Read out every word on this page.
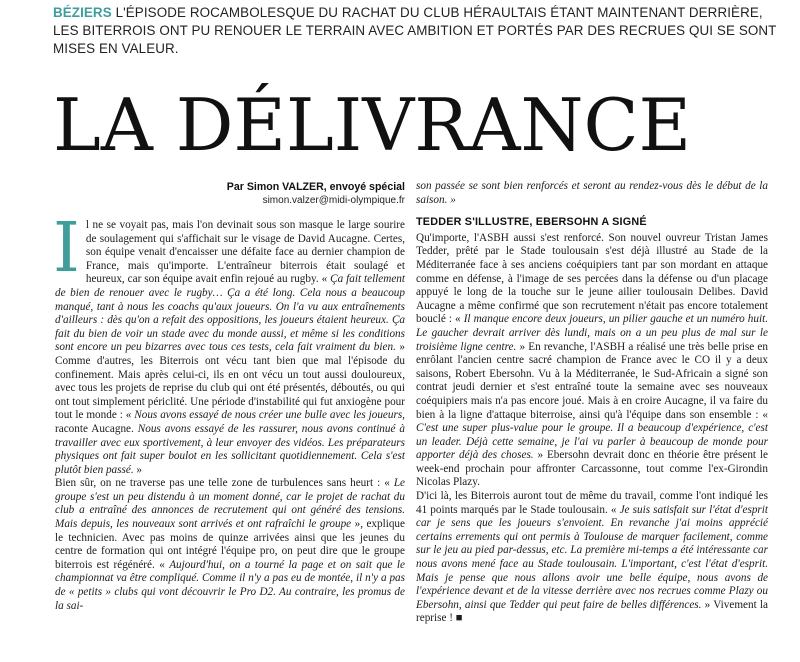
BÉZIERS L'ÉPISODE ROCAMBOLESQUE DU RACHAT DU CLUB HÉRAULTAIS ÉTANT MAINTENANT DERRIÈRE, LES BITERROIS ONT PU RENOUER LE TERRAIN AVEC AMBITION ET PORTÉS PAR DES RECRUES QUI SE SONT MISES EN VALEUR.

LA DÉLIVRANCE
Par Simon VALZER, envoyé spécial
simon.valzer@midi-olympique.fr

Il ne se voyait pas, mais l'on devinait sous son masque le large sourire de soulagement qui s'affichait sur le visage de David Aucagne. Certes, son équipe venait d'encaisser une défaite face au dernier champion de France, mais qu'importe. L'entraîneur biterrois était soulagé et heureux, car son équipe avait enfin rejoué au rugby. « Ça fait tellement de bien de renouer avec le rugby… Ça a été long. Cela nous a beaucoup manqué, tant à nous les coachs qu'aux joueurs. On l'a vu aux entraînements d'ailleurs : dès qu'on a refait des oppositions, les joueurs étaient heureux. Ça fait du bien de voir un stade avec du monde aussi, et même si les conditions sont encore un peu bizarres avec tous ces tests, cela fait vraiment du bien. » Comme d'autres, les Biterrois ont vécu tant bien que mal l'épisode du confinement. Mais après celui-ci, ils en ont vécu un tout aussi douloureux, avec tous les projets de reprise du club qui ont été présentés, déboutés, ou qui ont tout simplement périclité. Une période d'instabilité qui fut anxiogène pour tout le monde : « Nous avons essayé de nous créer une bulle avec les joueurs, raconte Aucagne. Nous avons essayé de les rassurer, nous avons continué à travailler avec eux sportivement, à leur envoyer des vidéos. Les préparateurs physiques ont fait super boulot en les sollicitant quotidiennement. Cela s'est plutôt bien passé. »

Bien sûr, on ne traverse pas une telle zone de turbulences sans heurt : « Le groupe s'est un peu distendu à un moment donné, car le projet de rachat du club a entraîné des annonces de recrutement qui ont généré des tensions. Mais depuis, les nouveaux sont arrivés et ont rafraîchi le groupe », explique le technicien. Avec pas moins de quinze arrivées ainsi que les jeunes du centre de formation qui ont intégré l'équipe pro, on peut dire que le groupe biterrois est régénéré. « Aujourd'hui, on a tourné la page et on sait que le championnat va être compliqué. Comme il n'y a pas eu de montée, il n'y a pas de « petits » clubs qui vont découvrir le Pro D2. Au contraire, les promus de la sai-

son passée se sont bien renforcés et seront au rendez-vous dès le début de la saison. »

TEDDER S'ILLUSTRE, EBERSOHN A SIGNÉ

Qu'importe, l'ASBH aussi s'est renforcé. Son nouvel ouvreur Tristan James Tedder, prêté par le Stade toulousain s'est déjà illustré au Stade de la Méditerranée face à ses anciens coéquipiers tant par son mordant en attaque comme en défense, à l'image de ses percées dans la défense ou d'un placage appuyé le long de la touche sur le jeune ailier toulousain Delibes. David Aucagne a même confirmé que son recrutement n'était pas encore totalement bouclé : « Il manque encore deux joueurs, un pilier gauche et un numéro huit. Le gaucher devrait arriver dès lundi, mais on a un peu plus de mal sur le troisième ligne centre. » En revanche, l'ASBH a réalisé une très belle prise en enrôlant l'ancien centre sacré champion de France avec le CO il y a deux saisons, Robert Ebersohn. Vu à la Méditerranée, le Sud-Africain a signé son contrat jeudi dernier et s'est entraîné toute la semaine avec ses nouveaux coéquipiers mais n'a pas encore joué. Mais à en croire Aucagne, il va faire du bien à la ligne d'attaque biterroise, ainsi qu'à l'équipe dans son ensemble : « C'est une super plus-value pour le groupe. Il a beaucoup d'expérience, c'est un leader. Déjà cette semaine, je l'ai vu parler à beaucoup de monde pour apporter déjà des choses. » Ebersohn devrait donc en théorie être présent le week-end prochain pour affronter Carcassonne, tout comme l'ex-Girondin Nicolas Plazy.

D'ici là, les Biterrois auront tout de même du travail, comme l'ont indiqué les 41 points marqués par le Stade toulousain. « Je suis satisfait sur l'état d'esprit car je sens que les joueurs s'envoient. En revanche j'ai moins apprécié certains errements qui ont permis à Toulouse de marquer facilement, comme sur le jeu au pied par-dessus, etc. La première mi-temps a été intéressante car nous avons mené face au Stade toulousain. L'important, c'est l'état d'esprit. Mais je pense que nous allons avoir une belle équipe, nous avons de l'expérience devant et de la vitesse derrière avec nos recrues comme Plazy ou Ebersohn, ainsi que Tedder qui peut faire de belles différences. » Vivement la reprise ! ■
